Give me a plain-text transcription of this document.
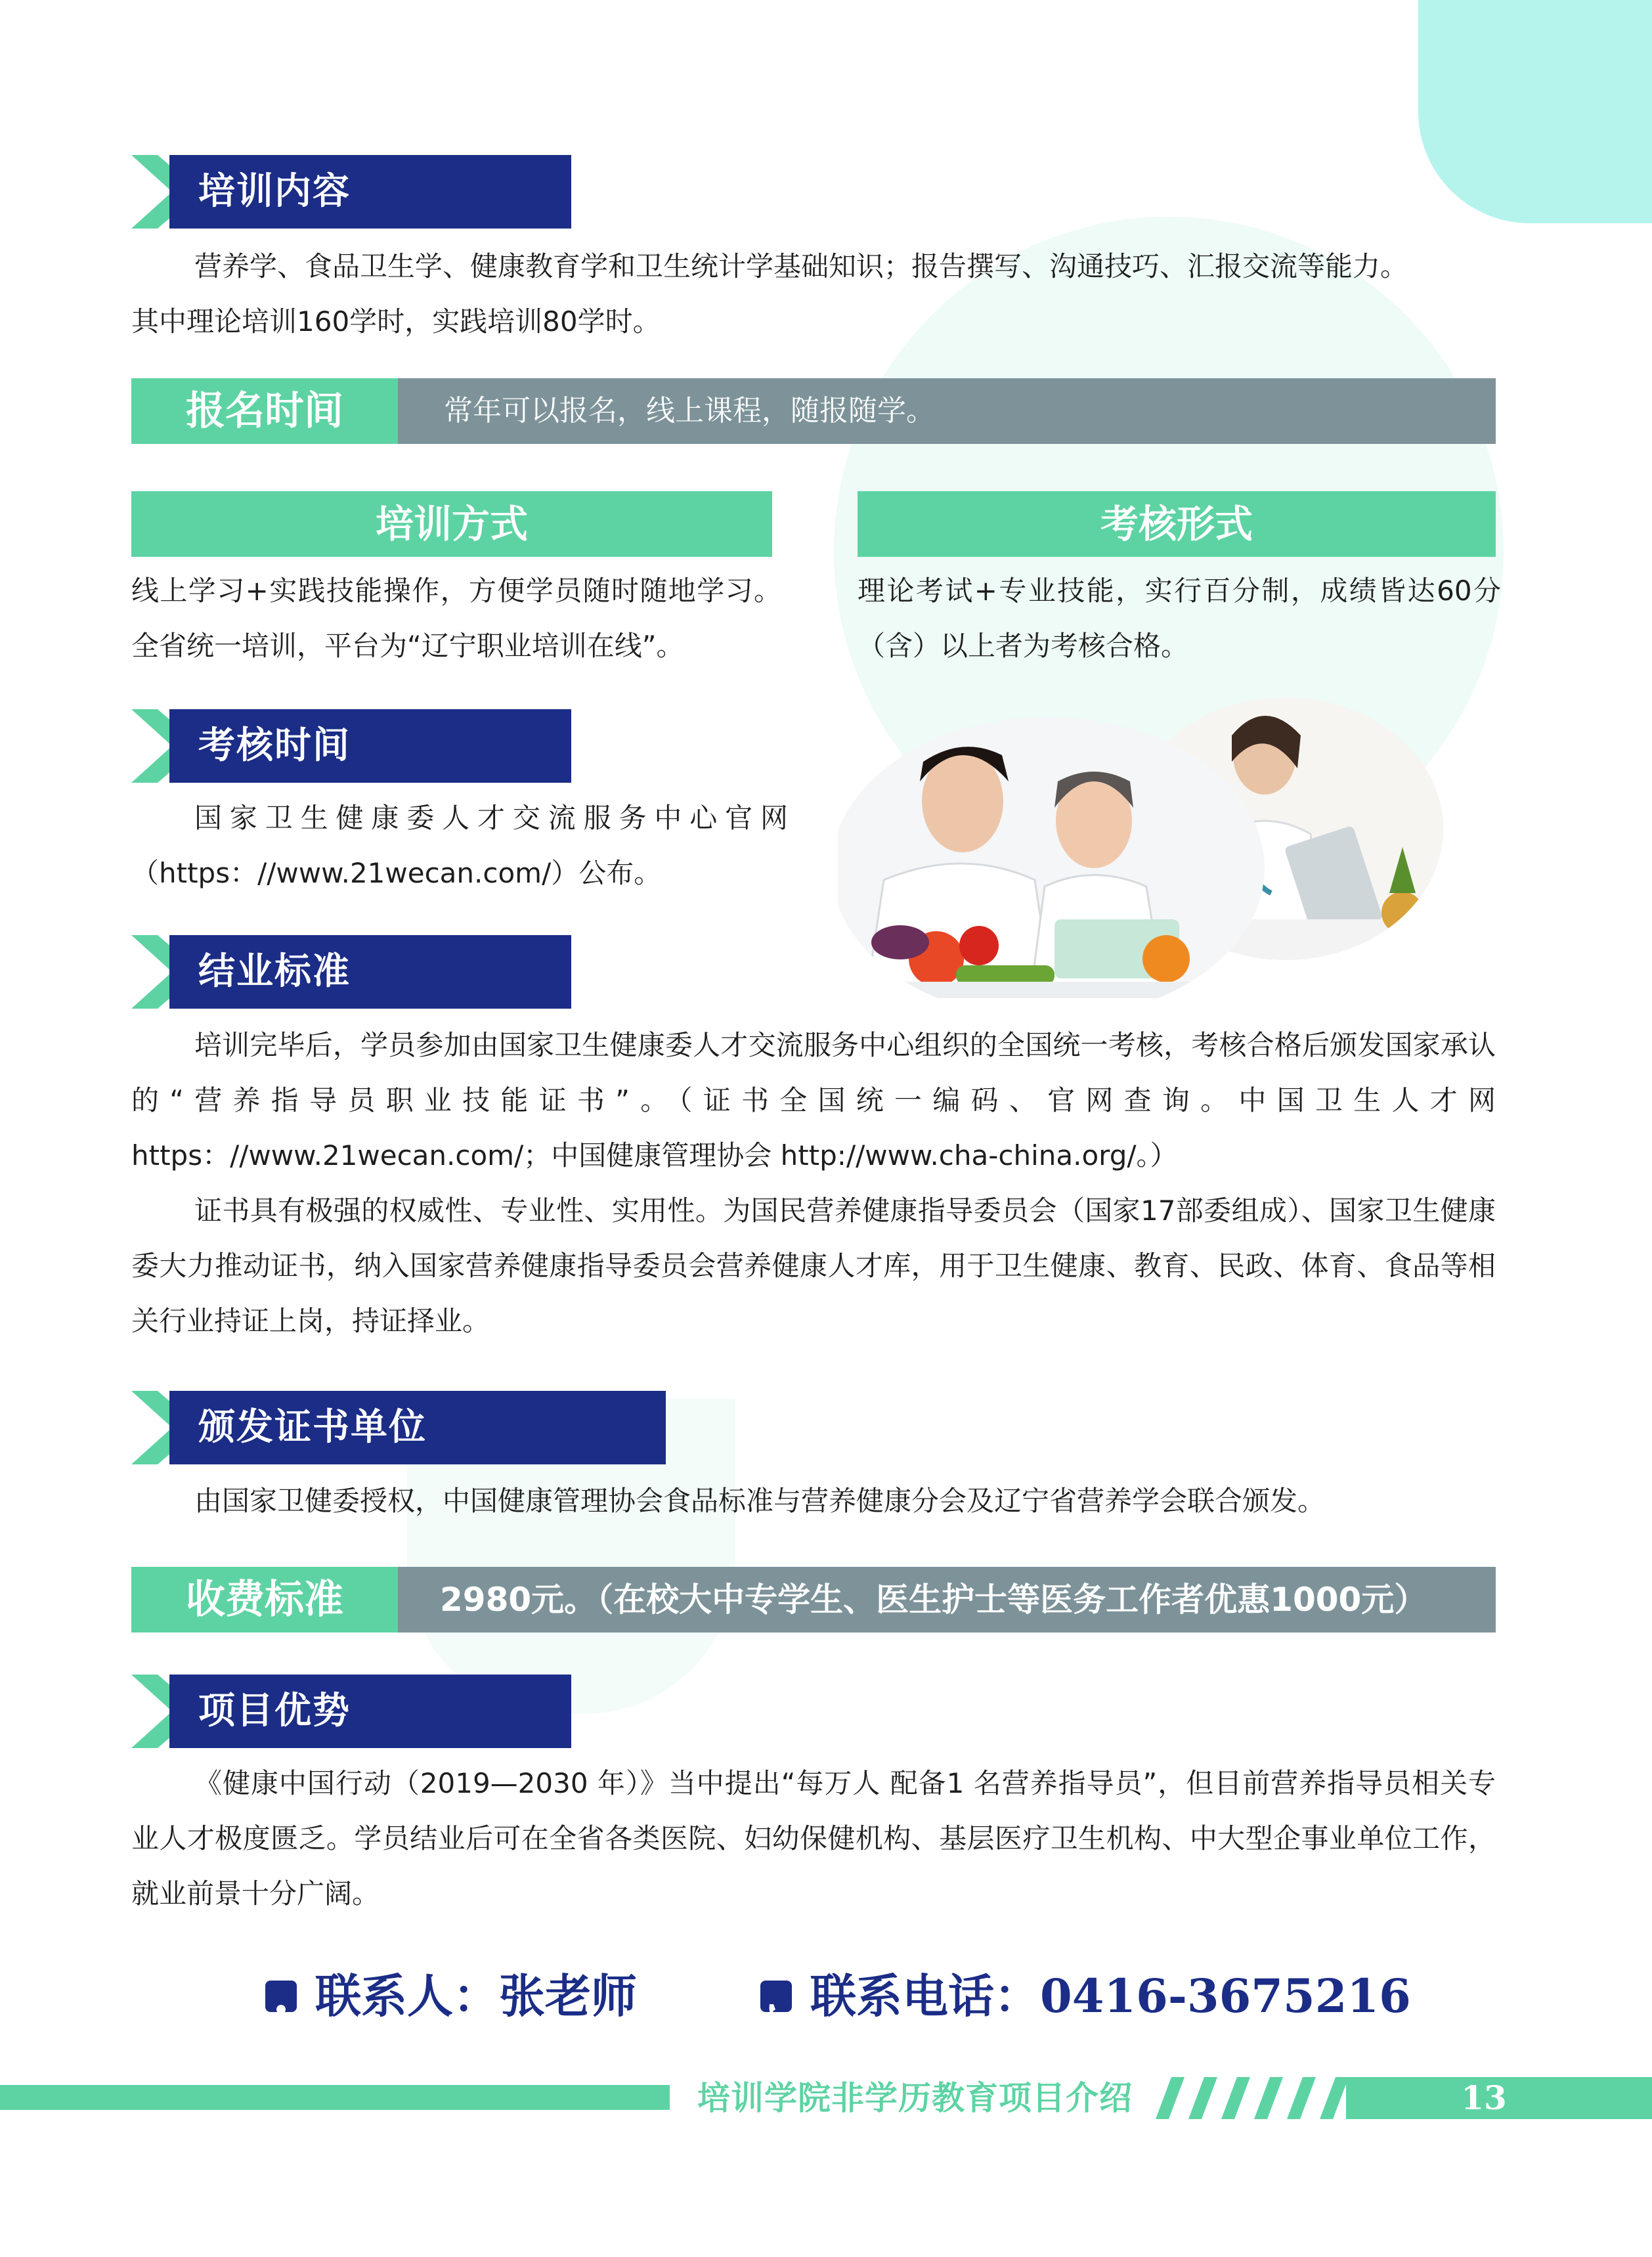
培训内容

营养学、食品卫生学、健康教育学和卫生统计学基础知识；报告撰写、沟通技巧、汇报交流等能力。

其中理论培训160学时，实践培训80学时。

报名时间	常年可以报名，线上课程，随报随学。
培训方式

线上学习+实践技能操作，方便学员随时随地学习。全省统一培训，平台为“辽宁职业培训在线”。

考核形式

理论考试+专业技能，实行百分制，成绩皆达60分（含）以上者为考核合格。

考核时间

国家卫生健康委人才交流服务中心官网（https：//www.21wecan.com/）公布。

结业标准

培训完毕后，学员参加由国家卫生健康委人才交流服务中心组织的全国统一考核，考核合格后颁发国家承认的“营养指导员职业技能证书”。（证书全国统一编码、官网查询。中国卫生人才网https：//www.21wecan.com/；中国健康管理协会 http://www.cha-china.org/。）

证书具有极强的权威性、专业性、实用性。为国民营养健康指导委员会（国家17部委组成）、国家卫生健康委大力推动证书，纳入国家营养健康指导委员会营养健康人才库，用于卫生健康、教育、民政、体育、食品等相关行业持证上岗，持证择业。

颁发证书单位

由国家卫健委授权，中国健康管理协会食品标准与营养健康分会及辽宁省营养学会联合颁发。

收费标准	2980元。（在校大中专学生、医生护士等医务工作者优惠1000元）
项目优势

《健康中国行动（2019—2030 年）》当中提出“每万人 配备1 名营养指导员”，但目前营养指导员相关专业人才极度匮乏。学员结业后可在全省各类医院、妇幼保健机构、基层医疗卫生机构、中大型企事业单位工作，就业前景十分广阔。

联系人：张老师	联系电话：0416-3675216
培训学院非学历教育项目介绍	13
